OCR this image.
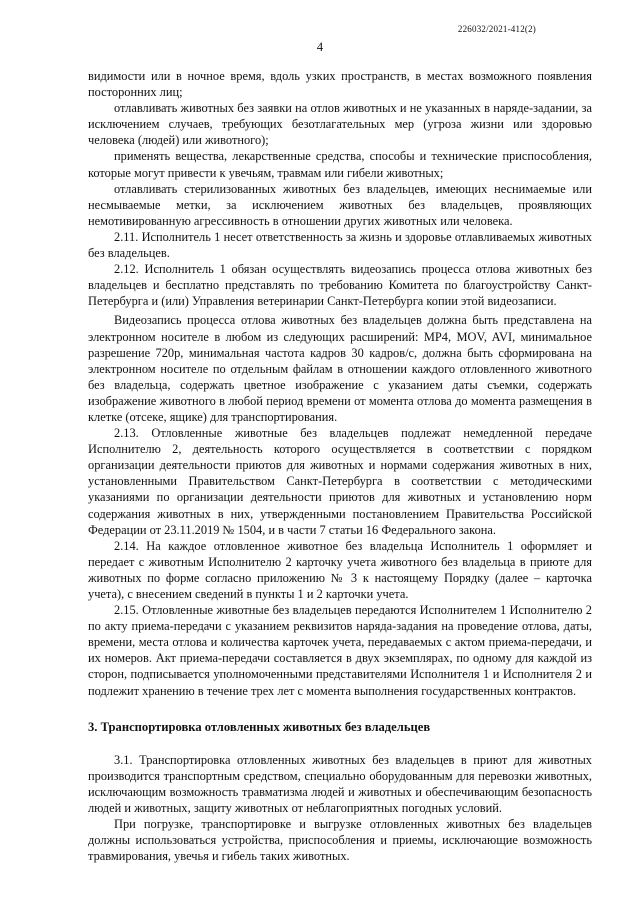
226032/2021-412(2)
4

видимости или в ночное время, вдоль узких пространств, в местах возможного появления посторонних лиц;

отлавливать животных без заявки на отлов животных и не указанных в наряде-задании, за исключением случаев, требующих безотлагательных мер (угроза жизни или здоровью человека (людей) или животного);

применять вещества, лекарственные средства, способы и технические приспособления, которые могут привести к увечьям, травмам или гибели животных;

отлавливать стерилизованных животных без владельцев, имеющих неснимаемые или несмываемые метки, за исключением животных без владельцев, проявляющих немотивированную агрессивность в отношении других животных или человека.

2.11. Исполнитель 1 несет ответственность за жизнь и здоровье отлавливаемых животных без владельцев.

2.12. Исполнитель 1 обязан осуществлять видеозапись процесса отлова животных без владельцев и бесплатно представлять по требованию Комитета по благоустройству Санкт-Петербурга и (или) Управления ветеринарии Санкт-Петербурга копии этой видеозаписи.

Видеозапись процесса отлова животных без владельцев должна быть представлена на электронном носителе в любом из следующих расширений: MP4, MOV, AVI, минимальное разрешение 720р, минимальная частота кадров 30 кадров/с, должна быть сформирована на электронном носителе по отдельным файлам в отношении каждого отловленного животного без владельца, содержать цветное изображение с указанием даты съемки, содержать изображение животного в любой период времени от момента отлова до момента размещения в клетке (отсеке, ящике) для транспортирования.

2.13. Отловленные животные без владельцев подлежат немедленной передаче Исполнителю 2, деятельность которого осуществляется в соответствии с порядком организации деятельности приютов для животных и нормами содержания животных в них, установленными Правительством Санкт-Петербурга в соответствии с методическими указаниями по организации деятельности приютов для животных и установлению норм содержания животных в них, утвержденными постановлением Правительства Российской Федерации от 23.11.2019 № 1504, и в части 7 статьи 16 Федерального закона.

2.14. На каждое отловленное животное без владельца Исполнитель 1 оформляет и передает с животным Исполнителю 2 карточку учета животного без владельца в приюте для животных по форме согласно приложению № 3 к настоящему Порядку (далее – карточка учета), с внесением сведений в пункты 1 и 2 карточки учета.

2.15. Отловленные животные без владельцев передаются Исполнителем 1 Исполнителю 2 по акту приема-передачи с указанием реквизитов наряда-задания на проведение отлова, даты, времени, места отлова и количества карточек учета, передаваемых с актом приема-передачи, и их номеров. Акт приема-передачи составляется в двух экземплярах, по одному для каждой из сторон, подписывается уполномоченными представителями Исполнителя 1 и Исполнителя 2 и подлежит хранению в течение трех лет с момента выполнения государственных контрактов.

3. Транспортировка отловленных животных без владельцев

3.1. Транспортировка отловленных животных без владельцев в приют для животных производится транспортным средством, специально оборудованным для перевозки животных, исключающим возможность травматизма людей и животных и обеспечивающим безопасность людей и животных, защиту животных от неблагоприятных погодных условий.

При погрузке, транспортировке и выгрузке отловленных животных без владельцев должны использоваться устройства, приспособления и приемы, исключающие возможность травмирования, увечья и гибель таких животных.
